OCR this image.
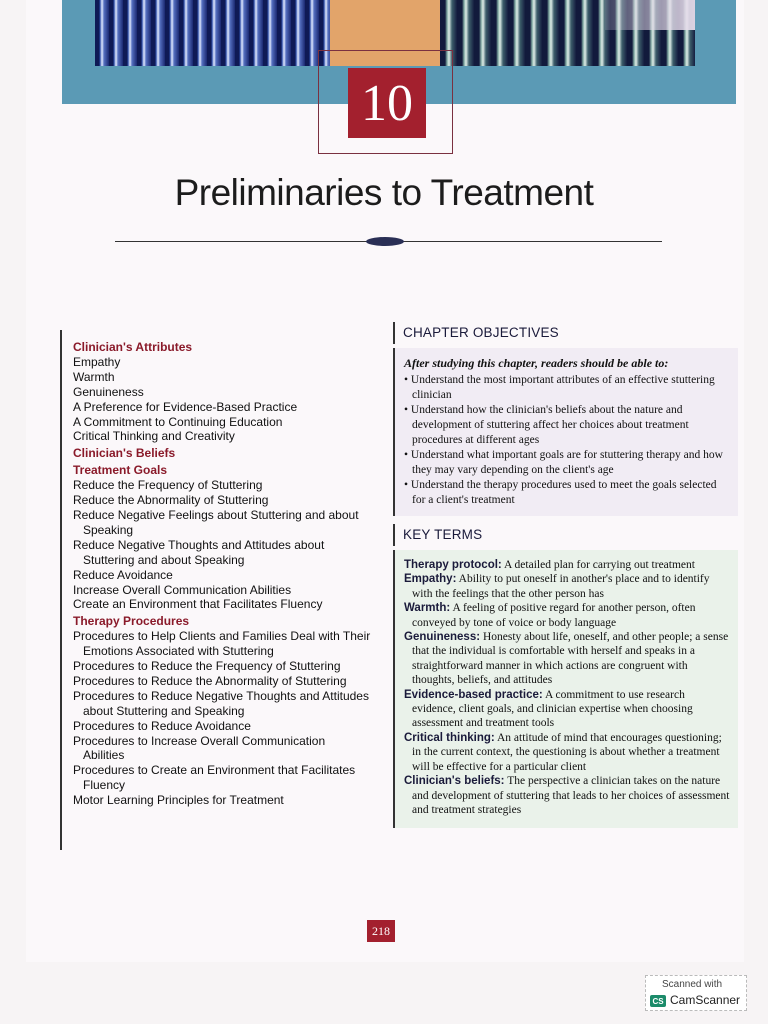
10
Preliminaries to Treatment
Clinician's Attributes
Empathy
Warmth
Genuineness
A Preference for Evidence-Based Practice
A Commitment to Continuing Education
Critical Thinking and Creativity
Clinician's Beliefs
Treatment Goals
Reduce the Frequency of Stuttering
Reduce the Abnormality of Stuttering
Reduce Negative Feelings about Stuttering and about
Speaking
Reduce Negative Thoughts and Attitudes about
Stuttering and about Speaking
Reduce Avoidance
Increase Overall Communication Abilities
Create an Environment that Facilitates Fluency
Therapy Procedures
Procedures to Help Clients and Families Deal with Their
Emotions Associated with Stuttering
Procedures to Reduce the Frequency of Stuttering
Procedures to Reduce the Abnormality of Stuttering
Procedures to Reduce Negative Thoughts and Attitudes
about Stuttering and Speaking
Procedures to Reduce Avoidance
Procedures to Increase Overall Communication
Abilities
Procedures to Create an Environment that Facilitates
Fluency
Motor Learning Principles for Treatment
CHAPTER OBJECTIVES
After studying this chapter, readers should be able to:
• Understand the most important attributes of an effective stuttering clinician
• Understand how the clinician's beliefs about the nature and development of stuttering affect her choices about treatment procedures at different ages
• Understand what important goals are for stuttering therapy and how they may vary depending on the client's age
• Understand the therapy procedures used to meet the goals selected for a client's treatment
KEY TERMS
Therapy protocol: A detailed plan for carrying out treatment
Empathy: Ability to put oneself in another's place and to identify with the feelings that the other person has
Warmth: A feeling of positive regard for another person, often conveyed by tone of voice or body language
Genuineness: Honesty about life, oneself, and other people; a sense that the individual is comfortable with herself and speaks in a straightforward manner in which actions are congruent with thoughts, beliefs, and attitudes
Evidence-based practice: A commitment to use research evidence, client goals, and clinician expertise when choosing assessment and treatment tools
Critical thinking: An attitude of mind that encourages questioning; in the current context, the questioning is about whether a treatment will be effective for a particular client
Clinician's beliefs: The perspective a clinician takes on the nature and development of stuttering that leads to her choices of assessment and treatment strategies
218
Scanned with
CS CamScanner
